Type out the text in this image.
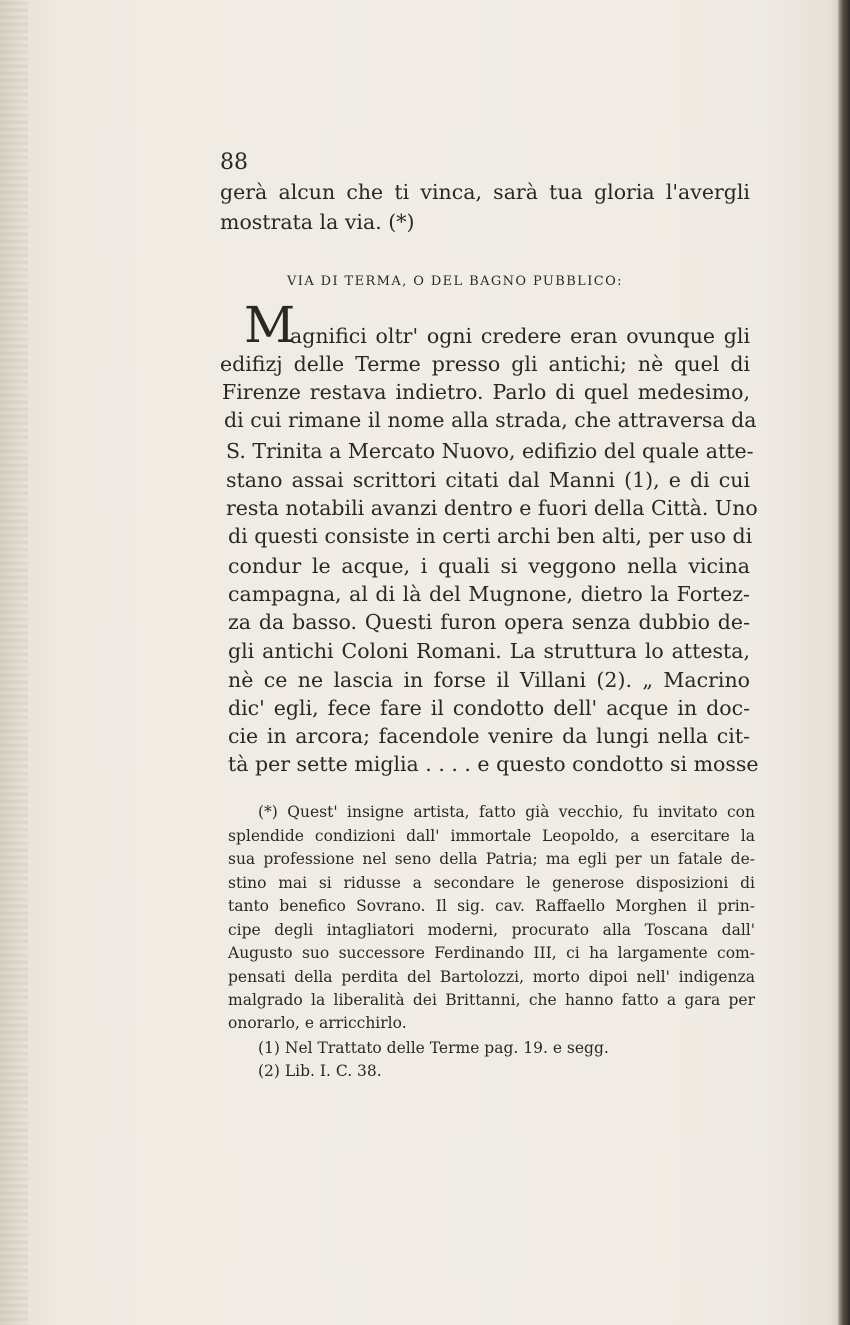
88
gerà alcun che ti vinca, sarà tua gloria l'avergli
mostrata la via. (*)
VIA DI TERMA, O DEL BAGNO PUBBLICO:
M
agnifici oltr' ogni credere eran ovunque gli
edifizj delle Terme presso gli antichi; nè quel di
Firenze restava indietro. Parlo di quel medesimo,
di cui rimane il nome alla strada, che attraversa da
S. Trinita a Mercato Nuovo, edifizio del quale atte-
stano assai scrittori citati dal Manni (1), e di cui
resta notabili avanzi dentro e fuori della Città. Uno
di questi consiste in certi archi ben alti, per uso di
condur le acque, i quali si veggono nella vicina
campagna, al di là del Mugnone, dietro la Fortez-
za da basso. Questi furon opera senza dubbio de-
gli antichi Coloni Romani. La struttura lo attesta,
nè ce ne lascia in forse il Villani (2). „ Macrino
dic' egli, fece fare il condotto dell' acque in doc-
cie in arcora; facendole venire da lungi nella cit-
tà per sette miglia . . . . e questo condotto si mosse
(*) Quest' insigne artista, fatto già vecchio, fu invitato con
splendide condizioni dall' immortale Leopoldo, a esercitare la
sua professione nel seno della Patria; ma egli per un fatale de-
stino mai si ridusse a secondare le generose disposizioni di
tanto benefico Sovrano. Il sig. cav. Raffaello Morghen il prin-
cipe degli intagliatori moderni, procurato alla Toscana dall'
Augusto suo successore Ferdinando III, ci ha largamente com-
pensati della perdita del Bartolozzi, morto dipoi nell' indigenza
malgrado la liberalità dei Brittanni, che hanno fatto a gara per
onorarlo, e arricchirlo.
(1) Nel Trattato delle Terme pag. 19. e segg.
(2) Lib. I. C. 38.
